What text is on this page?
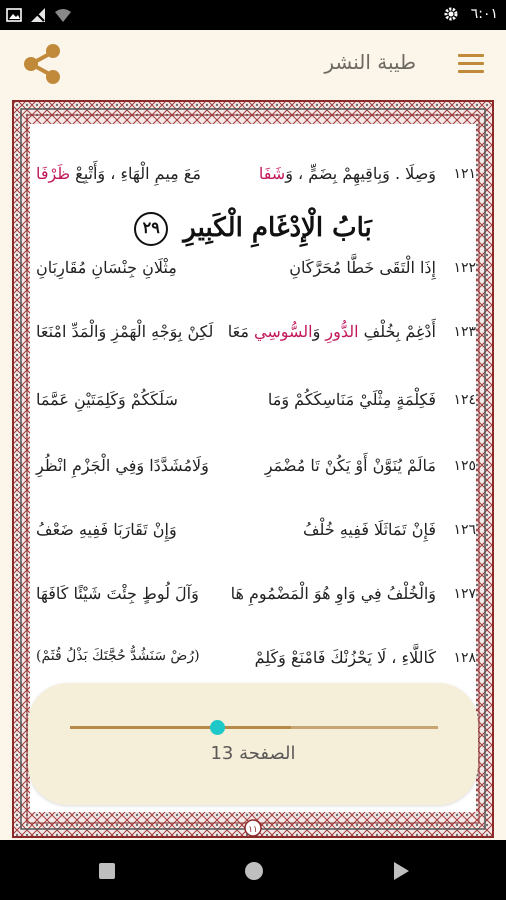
٦:٠١
طيبة النشر
١١
١٢١
وَصِلَا . وَبِاقِيهِمْ بِضَمٍّ ، وَشَفَا
مَعَ مِيمِ الْهَاءِ ، وَأَتْبِعْ ظَرْفَا
بَابُ الْإِدْغَامِ الْكَبِيرِ ٢٩
١٢٢
إِذَا الْتَقَى خَطَّا مُحَرَّكَانِ
مِثْلَانِ جِنْسَانِ مُقَارِبَانِ
١٢٣
أَدْغِمْ بِخُلْفِ الدُّورِ وَالسُّوسِي مَعَا
لَكِنْ بِوَجْهِ الْهَمْزِ وَالْمَدِّ امْنَعَا
١٢٤
فَكِلْمَةٍ مِثْلَيْ مَنَاسِكَكُمْ وَمَا
سَلَكَكُمْ وَكَلِمَتَيْنِ عَمَّمَا
١٢٥
مَالَمْ يُنَوَّنْ أَوْ يَكُنْ تَا مُضْمَرِ
وَلَامُشَدَّدًا وَفِي الْجَزْمِ انْظُرِ
١٢٦
فَإِنْ تَمَاثَلَا فَفِيهِ خُلْفُ
وَإِنْ تَقَارَبَا فَفِيهِ ضَعْفُ
١٢٧
وَالْخُلْفُ فِي وَاوِ هُوَ الْمَضْمُومِ هَا
وَآلَ لُوطٍ جِئْتَ شَيْئًا كَافَهَا
١٢٨
كَاللَّاءِ ، لَا يَحْزُنْكَ فَامْنَعْ وَكَلِمْ
(رُضْ سَنَشُدُّ حُجَّتَكَ بَذْلُ قُثَمْ)
الصفحة 13
